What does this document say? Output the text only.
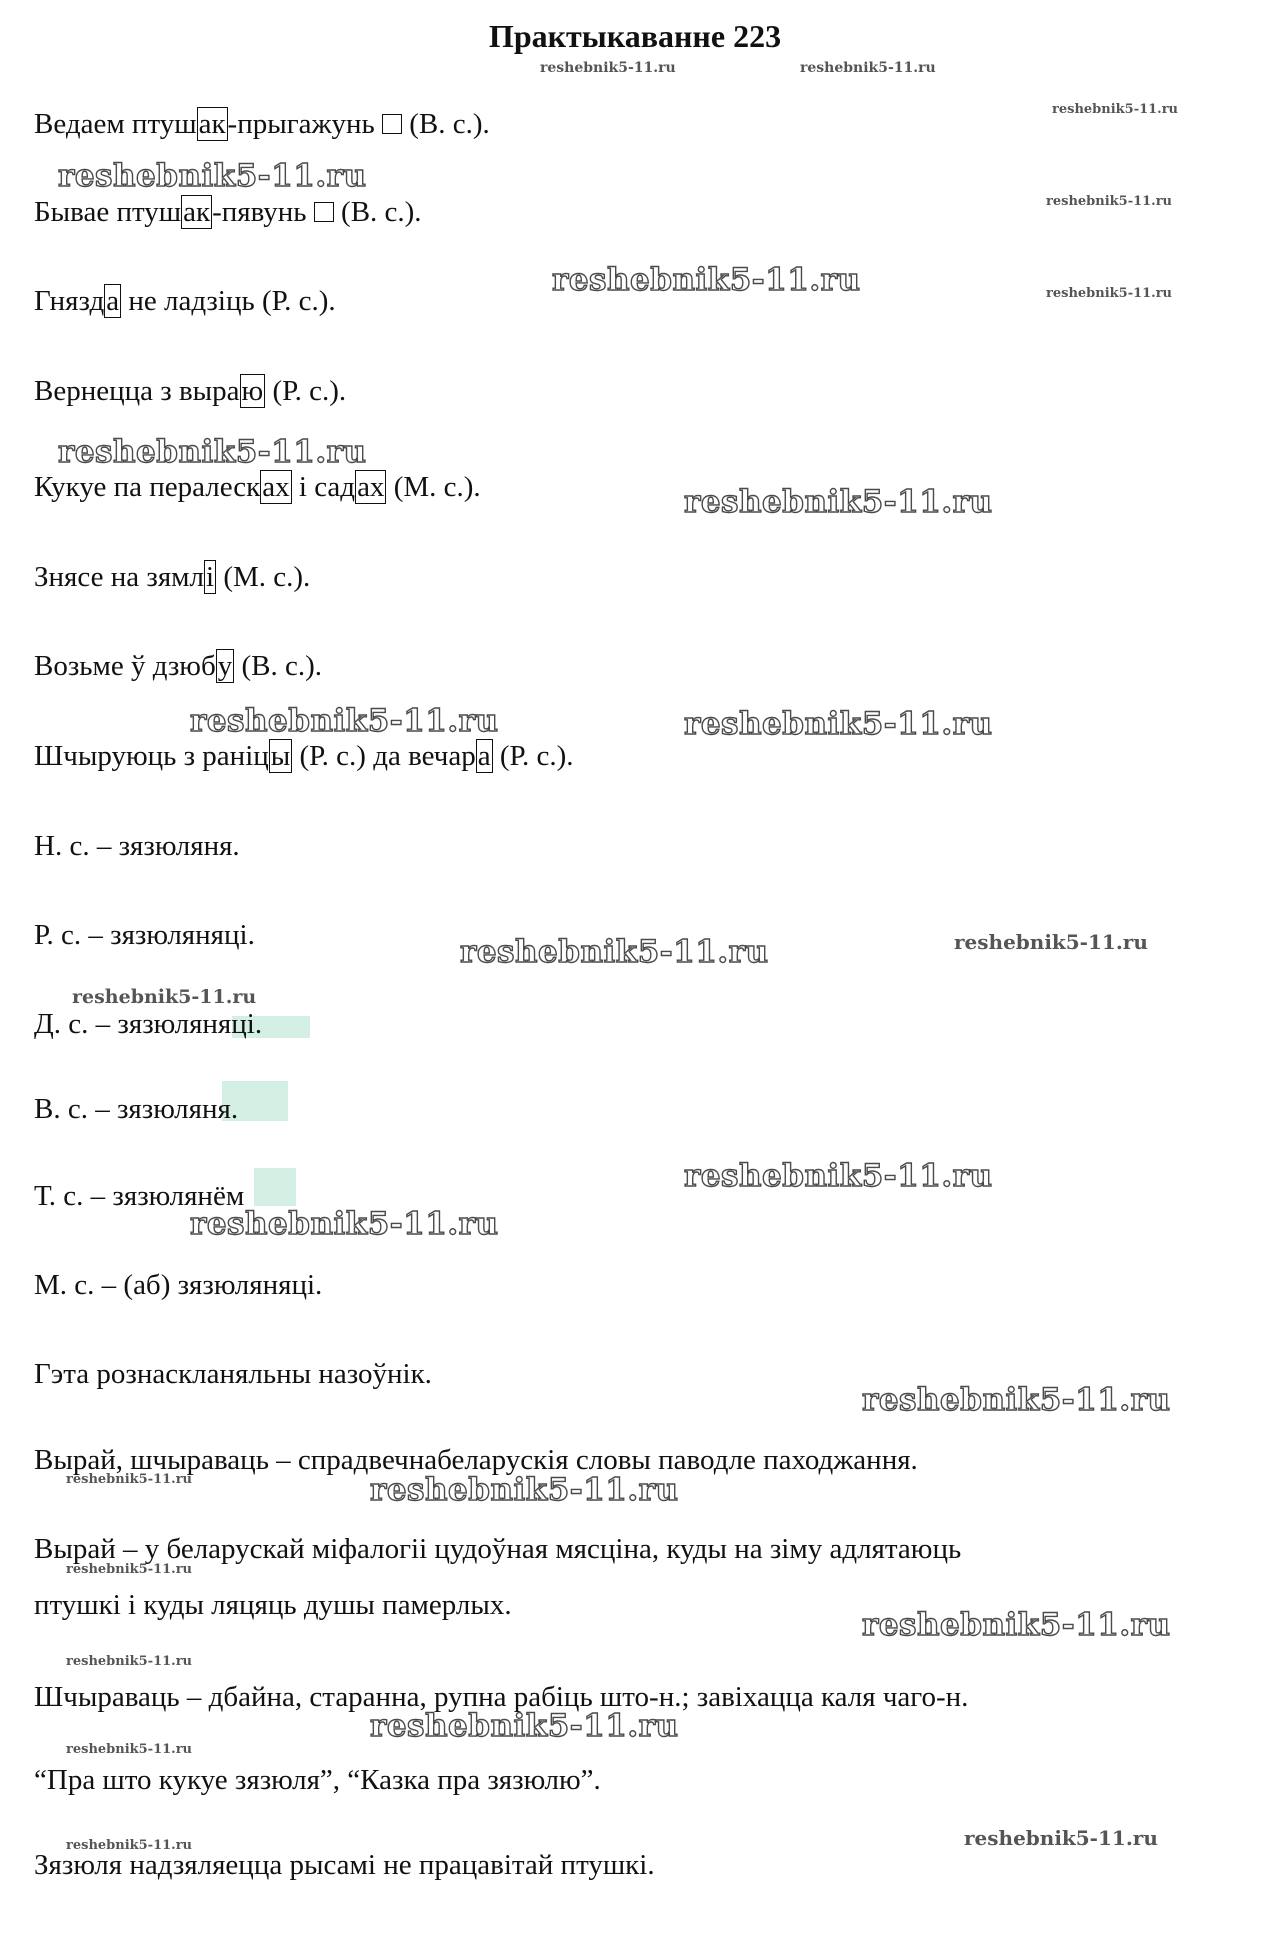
Практыкаванне 223

Ведаем птушак-прыгажунь  (В. с.).

Бывае птушак-пявунь  (В. с.).

Гнязда не ладзіць (Р. с.).

Вернецца з выраю (Р. с.).

Кукуе па пералесках і садах (М. с.).

Знясе на зямлі (М. с.).

Возьме ў дзюбу (В. с.).

Шчыруюць з раніцы (Р. с.) да вечара (Р. с.).

Н. с. – зязюляня.

Р. с. – зязюляняці.

Д. с. – зязюляняці.

В. с. – зязюляня.

Т. с. – зязюлянём

М. с. – (аб) зязюляняці.

Гэта рознаскланяльны назоўнік.

Вырай, шчыраваць – спрадвечнабеларускія словы паводле паходжання.

Вырай – у беларускай міфалогіі цудоўная мясціна, куды на зіму адлятаюць

птушкі і куды ляцяць душы памерлых.

Шчыраваць – дбайна, старанна, рупна рабіць што-н.; завіхацца каля чаго-н.

“Пра што кукуе зязюля”, “Казка пра зязюлю”.

Зязюля надзяляецца рысамі не працавітай птушкі.

reshebnik5-11.ru	reshebnik5-11.ru
reshebnik5-11.ru
reshebnik5-11.ru
reshebnik5-11.ru
reshebnik5-11.ru	reshebnik5-11.ru
reshebnik5-11.ru
reshebnik5-11.ru
reshebnik5-11.ru	reshebnik5-11.ru
reshebnik5-11.ru	reshebnik5-11.ru
reshebnik5-11.ru
reshebnik5-11.ru
reshebnik5-11.ru
reshebnik5-11.ru
reshebnik5-11.ru	reshebnik5-11.ru
reshebnik5-11.ru
reshebnik5-11.ru
reshebnik5-11.ru
reshebnik5-11.ru
reshebnik5-11.ru
reshebnik5-11.ru	reshebnik5-11.ru
